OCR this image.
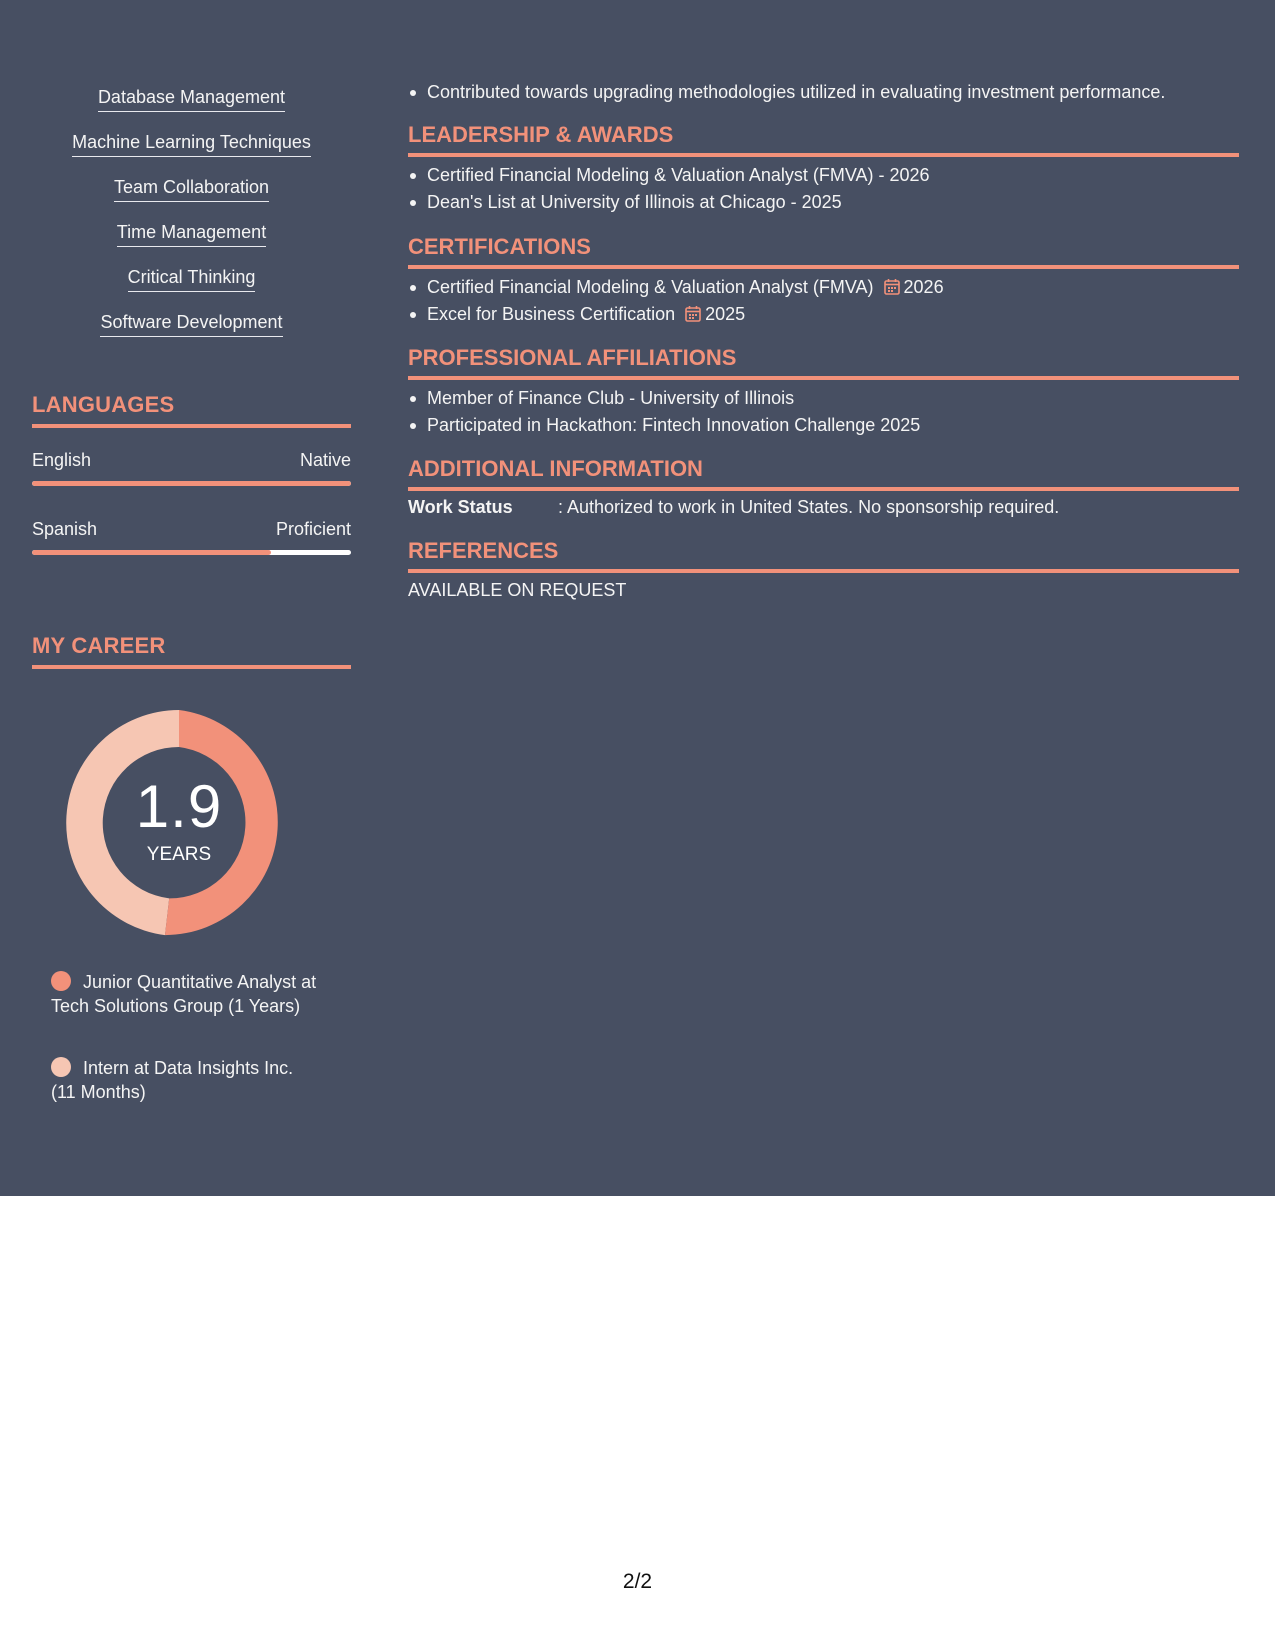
Database Management
Machine Learning Techniques
Team Collaboration
Time Management
Critical Thinking
Software Development
LANGUAGES
English	Native
Spanish	Proficient
MY CAREER
1.9
YEARS
Junior Quantitative Analyst at Tech Solutions Group (1 Years)
Intern at Data Insights Inc. (11 Months)
Contributed towards upgrading methodologies utilized in evaluating investment performance.
LEADERSHIP & AWARDS
Certified Financial Modeling & Valuation Analyst (FMVA) - 2026
Dean's List at University of Illinois at Chicago - 2025
CERTIFICATIONS
Certified Financial Modeling & Valuation Analyst (FMVA) 2026
Excel for Business Certification 2025
PROFESSIONAL AFFILIATIONS
Member of Finance Club - University of Illinois
Participated in Hackathon: Fintech Innovation Challenge 2025
ADDITIONAL INFORMATION
Work Status	: Authorized to work in United States. No sponsorship required.
REFERENCES
AVAILABLE ON REQUEST
2/2
